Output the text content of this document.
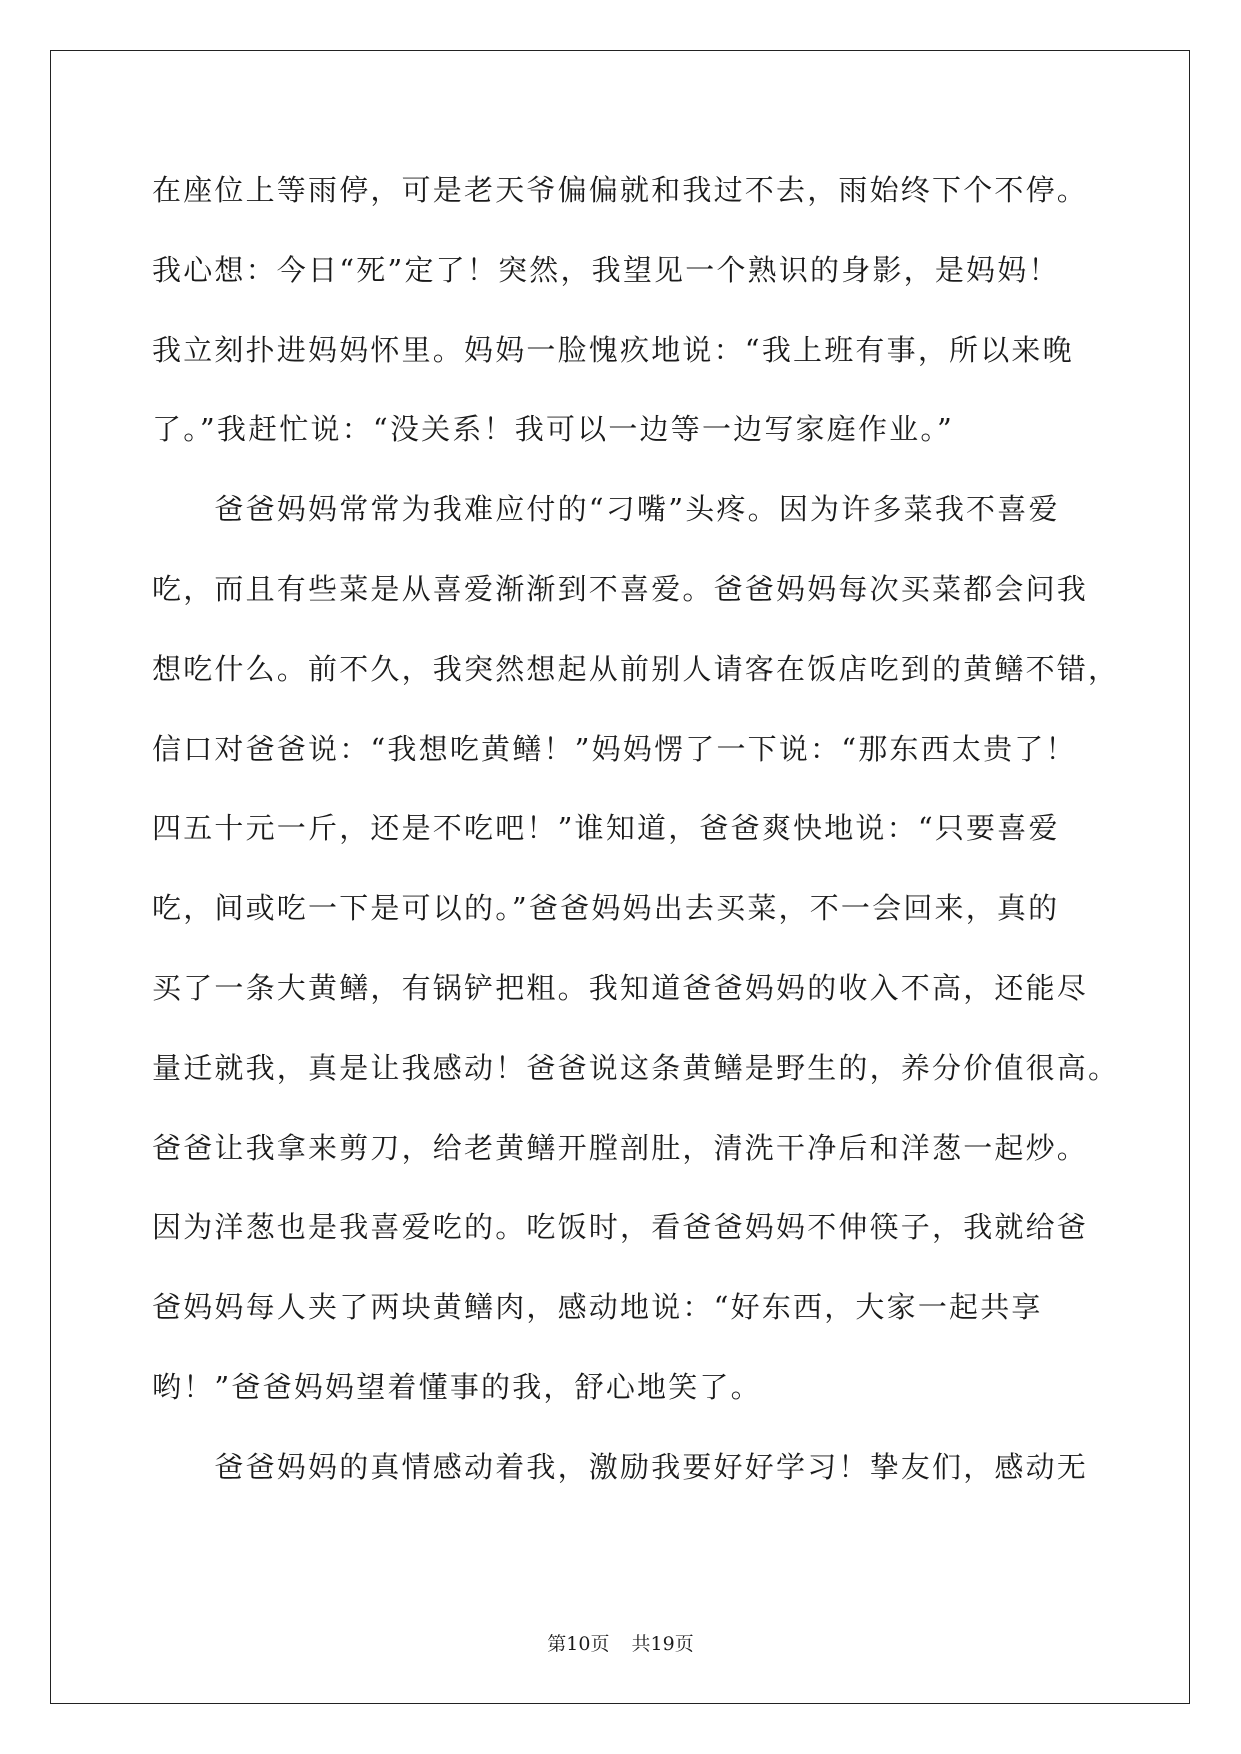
在座位上等雨停，可是老天爷偏偏就和我过不去，雨始终下个不停。
我心想：今日“死”定了！突然，我望见一个熟识的身影，是妈妈！
我立刻扑进妈妈怀里。妈妈一脸愧疚地说：“我上班有事，所以来晚
了。”我赶忙说：“没关系！我可以一边等一边写家庭作业。”
　　爸爸妈妈常常为我难应付的“刁嘴”头疼。因为许多菜我不喜爱
吃，而且有些菜是从喜爱渐渐到不喜爱。爸爸妈妈每次买菜都会问我
想吃什么。前不久，我突然想起从前别人请客在饭店吃到的黄鳝不错，
信口对爸爸说：“我想吃黄鳝！”妈妈愣了一下说：“那东西太贵了！
四五十元一斤，还是不吃吧！”谁知道，爸爸爽快地说：“只要喜爱
吃，间或吃一下是可以的。”爸爸妈妈出去买菜，不一会回来，真的
买了一条大黄鳝，有锅铲把粗。我知道爸爸妈妈的收入不高，还能尽
量迁就我，真是让我感动！爸爸说这条黄鳝是野生的，养分价值很高。
爸爸让我拿来剪刀，给老黄鳝开膛剖肚，清洗干净后和洋葱一起炒。
因为洋葱也是我喜爱吃的。吃饭时，看爸爸妈妈不伸筷子，我就给爸
爸妈妈每人夹了两块黄鳝肉，感动地说：“好东西，大家一起共享
哟！”爸爸妈妈望着懂事的我，舒心地笑了。
　　爸爸妈妈的真情感动着我，激励我要好好学习！挚友们，感动无
第10页 共19页
